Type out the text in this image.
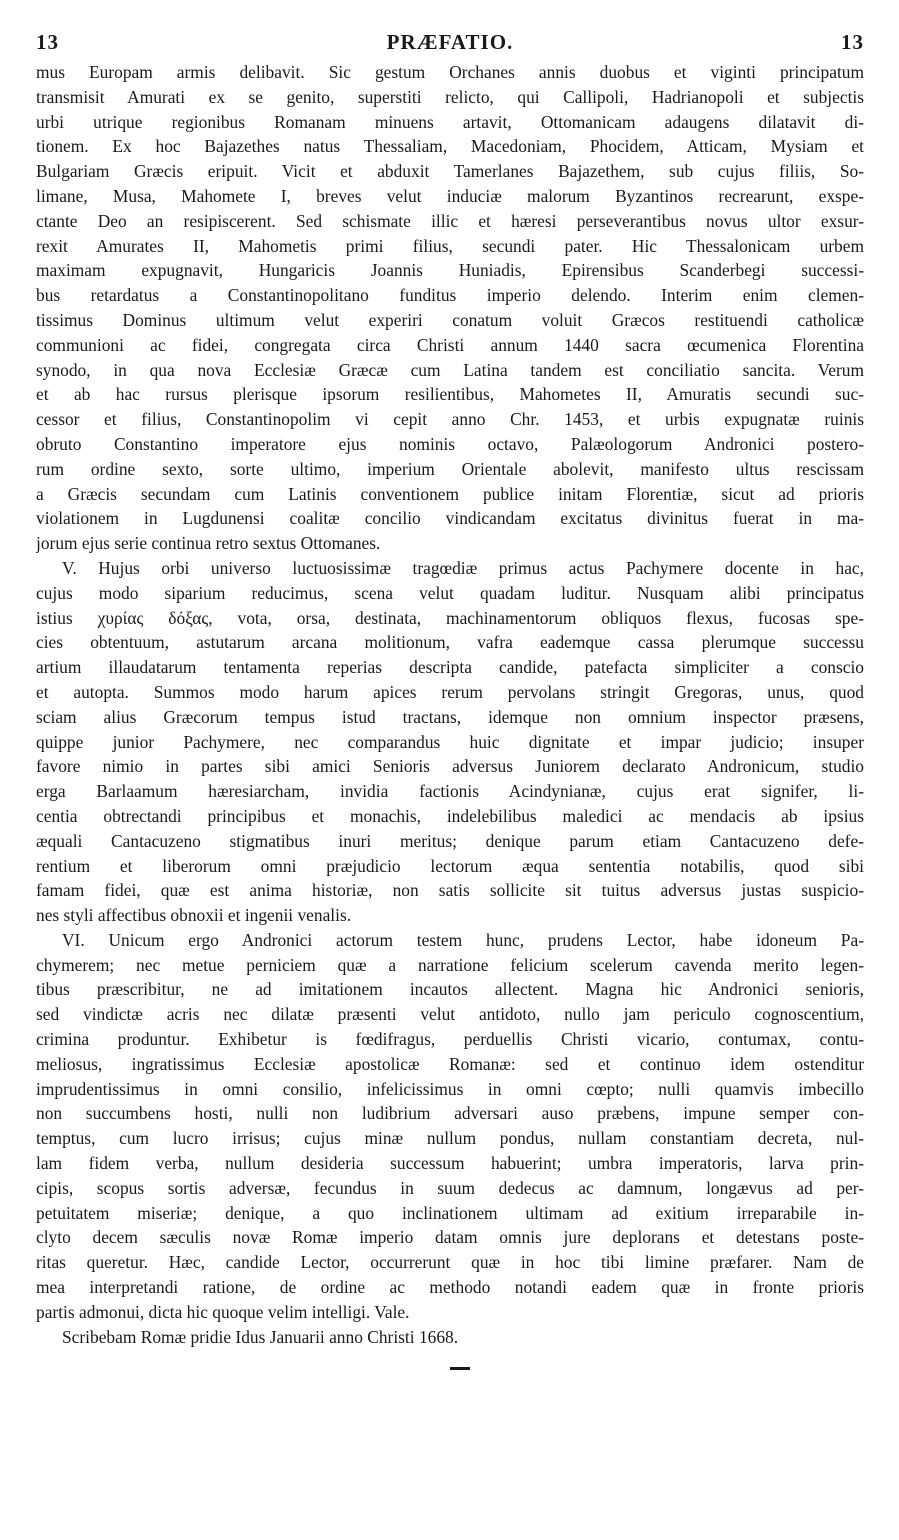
13	PRÆFATIO.	13
mus Europam armis delibavit. Sic gestum Orchanes annis duobus et viginti principatum
transmisit Amurati ex se genito, superstiti relicto, qui Callipoli, Hadrianopoli et subjectis
urbi utrique regionibus Romanam minuens artavit, Ottomanicam adaugens dilatavit di-
tionem. Ex hoc Bajazethes natus Thessaliam, Macedoniam, Phocidem, Atticam, Mysiam et
Bulgariam Græcis eripuit. Vicit et abduxit Tamerlanes Bajazethem, sub cujus filiis, So-
limane, Musa, Mahomete I, breves velut induciæ malorum Byzantinos recrearunt, exspe-
ctante Deo an resipiscerent. Sed schismate illic et hæresi perseverantibus novus ultor exsur-
rexit Amurates II, Mahometis primi filius, secundi pater. Hic Thessalonicam urbem
maximam expugnavit, Hungaricis Joannis Huniadis, Epirensibus Scanderbegi successi-
bus retardatus a Constantinopolitano funditus imperio delendo. Interim enim clemen-
tissimus Dominus ultimum velut experiri conatum voluit Græcos restituendi catholicæ
communioni ac fidei, congregata circa Christi annum 1440 sacra œcumenica Florentina
synodo, in qua nova Ecclesiæ Græcæ cum Latina tandem est conciliatio sancita. Verum
et ab hac rursus plerisque ipsorum resilientibus, Mahometes II, Amuratis secundi suc-
cessor et filius, Constantinopolim vi cepit anno Chr. 1453, et urbis expugnatæ ruinis
obruto Constantino imperatore ejus nominis octavo, Palæologorum Andronici postero-
rum ordine sexto, sorte ultimo, imperium Orientale abolevit, manifesto ultus rescissam
a Græcis secundam cum Latinis conventionem publice initam Florentiæ, sicut ad prioris
violationem in Lugdunensi coalitæ concilio vindicandam excitatus divinitus fuerat in ma-
jorum ejus serie continua retro sextus Ottomanes.
V. Hujus orbi universo luctuosissimæ tragœdiæ primus actus Pachymere docente in hac,
cujus modo siparium reducimus, scena velut quadam luditur. Nusquam alibi principatus
istius χυρίας δόξας, vota, orsa, destinata, machinamentorum obliquos flexus, fucosas spe-
cies obtentuum, astutarum arcana molitionum, vafra eademque cassa plerumque successu
artium illaudatarum tentamenta reperias descripta candide, patefacta simpliciter a conscio
et autopta. Summos modo harum apices rerum pervolans stringit Gregoras, unus, quod
sciam alius Græcorum tempus istud tractans, idemque non omnium inspector præsens,
quippe junior Pachymere, nec comparandus huic dignitate et impar judicio; insuper
favore nimio in partes sibi amici Senioris adversus Juniorem declarato Andronicum, studio
erga Barlaamum hæresiarcham, invidia factionis Acindynianæ, cujus erat signifer, li-
centia obtrectandi principibus et monachis, indelebilibus maledici ac mendacis ab ipsius
æquali Cantacuzeno stigmatibus inuri meritus; denique parum etiam Cantacuzeno defe-
rentium et liberorum omni præjudicio lectorum æqua sententia notabilis, quod sibi
famam fidei, quæ est anima historiæ, non satis sollicite sit tuitus adversus justas suspicio-
nes styli affectibus obnoxii et ingenii venalis.
VI. Unicum ergo Andronici actorum testem hunc, prudens Lector, habe idoneum Pa-
chymerem; nec metue perniciem quæ a narratione felicium scelerum cavenda merito legen-
tibus præscribitur, ne ad imitationem incautos allectent. Magna hic Andronici senioris,
sed vindictæ acris nec dilatæ præsenti velut antidoto, nullo jam periculo cognoscentium,
crimina produntur. Exhibetur is fœdifragus, perduellis Christi vicario, contumax, contu-
meliosus, ingratissimus Ecclesiæ apostolicæ Romanæ: sed et continuo idem ostenditur
imprudentissimus in omni consilio, infelicissimus in omni cœpto; nulli quamvis imbecillo
non succumbens hosti, nulli non ludibrium adversari auso præbens, impune semper con-
temptus, cum lucro irrisus; cujus minæ nullum pondus, nullam constantiam decreta, nul-
lam fidem verba, nullum desideria successum habuerint; umbra imperatoris, larva prin-
cipis, scopus sortis adversæ, fecundus in suum dedecus ac damnum, longævus ad per-
petuitatem miseriæ; denique, a quo inclinationem ultimam ad exitium irreparabile in-
clyto decem sæculis novæ Romæ imperio datam omnis jure deplorans et detestans poste-
ritas queretur. Hæc, candide Lector, occurrerunt quæ in hoc tibi limine præfarer. Nam de
mea interpretandi ratione, de ordine ac methodo notandi eadem quæ in fronte prioris
partis admonui, dicta hic quoque velim intelligi. Vale.
Scribebam Romæ pridie Idus Januarii anno Christi 1668.
